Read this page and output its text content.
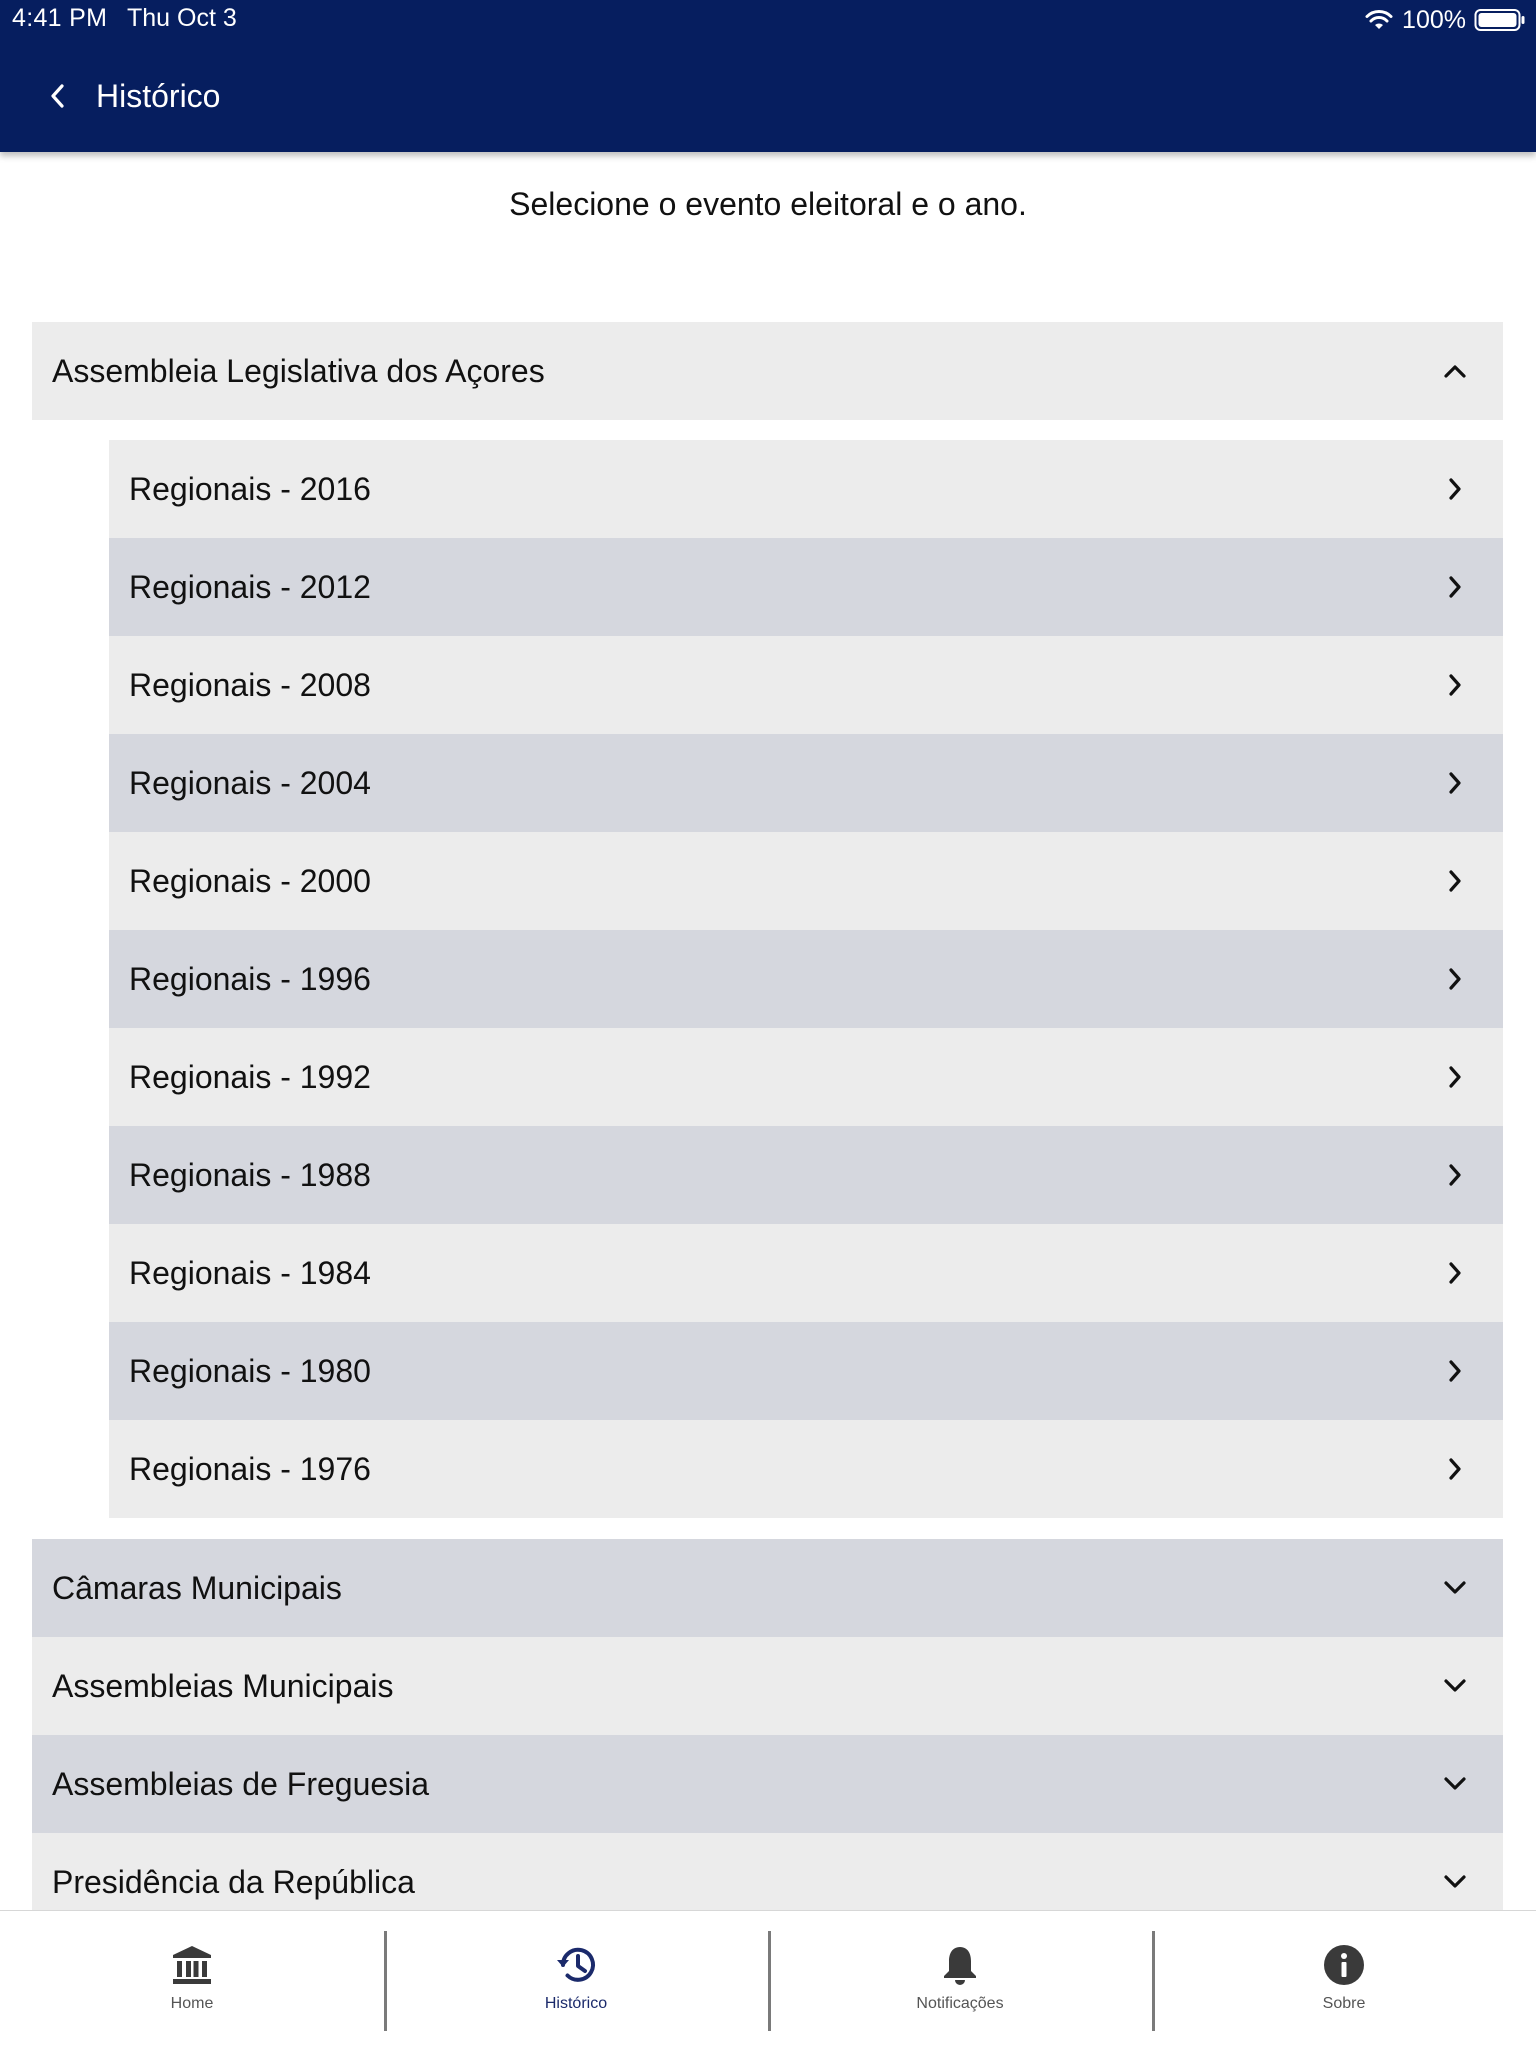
4:41 PM Thu Oct 3	100%
Histórico
Selecione o evento eleitoral e o ano.
Assembleia Legislativa dos Açores
Regionais - 2016
Regionais - 2012
Regionais - 2008
Regionais - 2004
Regionais - 2000
Regionais - 1996
Regionais - 1992
Regionais - 1988
Regionais - 1984
Regionais - 1980
Regionais - 1976
Câmaras Municipais
Assembleias Municipais
Assembleias de Freguesia
Presidência da República
Home	Histórico	Notificações	Sobre
